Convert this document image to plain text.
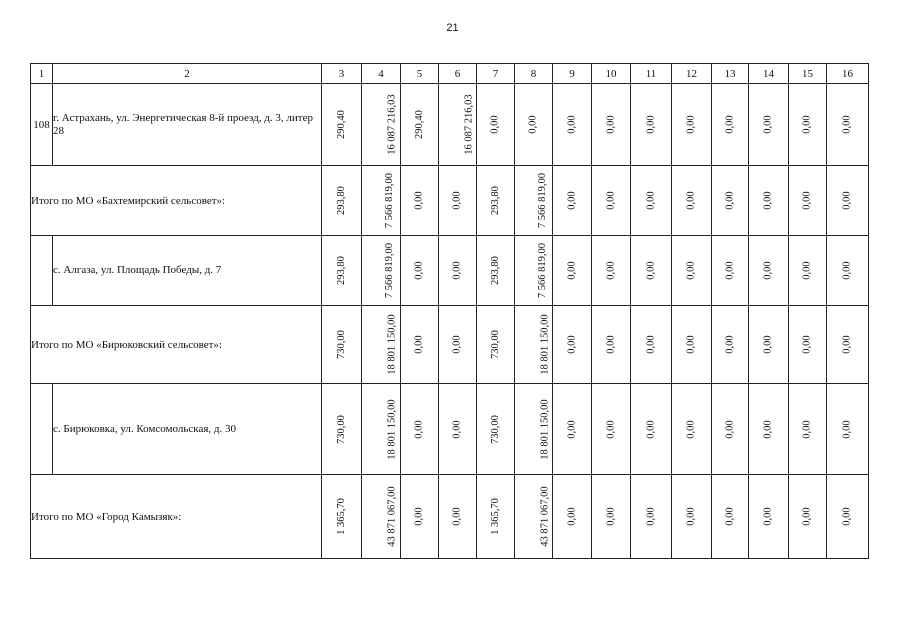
21
1	2	3	4	5	6	7	8	9	10	11	12	13	14	15	16
108	г. Астрахань, ул. Энергетическая 8-й проезд, д. 3, литер 28	290,40	16 087 216,03	290,40	16 087 216,03	0,00	0,00	0,00	0,00	0,00	0,00	0,00	0,00	0,00	0,00
Итого по МО «Бахтемирский сельсовет»:		293,80	7 566 819,00	0,00	0,00	293,80	7 566 819,00	0,00	0,00	0,00	0,00	0,00	0,00	0,00	0,00
	с. Алгаза, ул. Площадь Победы, д. 7	293,80	7 566 819,00	0,00	0,00	293,80	7 566 819,00	0,00	0,00	0,00	0,00	0,00	0,00	0,00	0,00
Итого по МО «Бирюковский сельсовет»:		730,00	18 801 150,00	0,00	0,00	730,00	18 801 150,00	0,00	0,00	0,00	0,00	0,00	0,00	0,00	0,00
	с. Бирюковка, ул. Комсомольская, д. 30	730,00	18 801 150,00	0,00	0,00	730,00	18 801 150,00	0,00	0,00	0,00	0,00	0,00	0,00	0,00	0,00
Итого по МО «Город Камызяк»:		1 365,70	43 871 067,00	0,00	0,00	1 365,70	43 871 067,00	0,00	0,00	0,00	0,00	0,00	0,00	0,00	0,00
